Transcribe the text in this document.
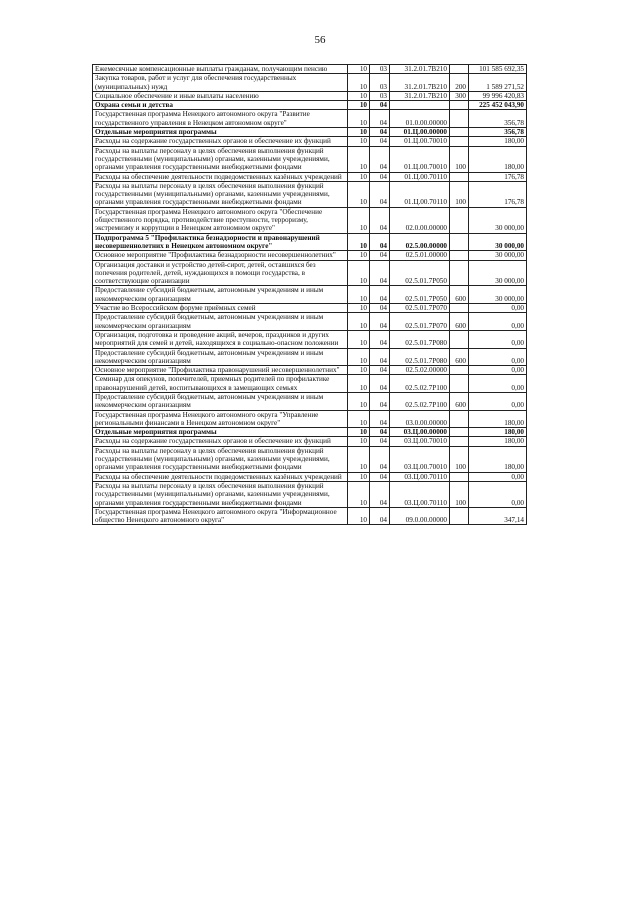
56
Ежемесячные компенсационные выплаты гражданам, получающим пенсию	10	03	31.2.01.7В210		101 585 692,35
Закупка товаров, работ и услуг для обеспечения государственных (муниципальных) нужд	10	03	31.2.01.7В210	200	1 589 271,52
Социальное обеспечение и иные выплаты населению	10	03	31.2.01.7В210	300	99 996 420,83
Охрана семьи и детства	10	04			225 452 043,90
Государственная программа Ненецкого автономного округа "Развитие государственного управления в Ненецком автономном округе"	10	04	01.0.00.00000		356,78
Отдельные мероприятия программы	10	04	01.Ц.00.00000		356,78
Расходы на содержание государственных органов и обеспечение их функций	10	04	01.Ц.00.70010		180,00
Расходы на выплаты персоналу в целях обеспечения выполнения функций государственными (муниципальными) органами, казенными учреждениями, органами управления государственными внебюджетными фондами	10	04	01.Ц.00.70010	100	180,00
Расходы на обеспечение деятельности подведомственных казённых учреждений	10	04	01.Ц.00.70110		176,78
Расходы на выплаты персоналу в целях обеспечения выполнения функций государственными (муниципальными) органами, казенными учреждениями, органами управления государственными внебюджетными фондами	10	04	01.Ц.00.70110	100	176,78
Государственная программа Ненецкого автономного округа "Обеспечение общественного порядка, противодействие преступности, терроризму, экстремизму и коррупции в Ненецком автономном округе"	10	04	02.0.00.00000		30 000,00
Подпрограмма 5 "Профилактика безнадзорности и правонарушений несовершеннолетних в Ненецком автономном округе"	10	04	02.5.00.00000		30 000,00
Основное мероприятие "Профилактика безнадзорности несовершеннолетних"	10	04	02.5.01.00000		30 000,00
Организация доставки и устройство детей-сирот, детей, оставшихся без попечения родителей, детей, нуждающихся в помощи государства, в соответствующие организации	10	04	02.5.01.7Р050		30 000,00
Предоставление субсидий бюджетным, автономным учреждениям и иным некоммерческим организациям	10	04	02.5.01.7Р050	600	30 000,00
Участие во Всероссийском форуме приёмных семей	10	04	02.5.01.7Р070		0,00
Предоставление субсидий бюджетным, автономным учреждениям и иным некоммерческим организациям	10	04	02.5.01.7Р070	600	0,00
Организация, подготовка и проведение акций, вечеров, праздников и других мероприятий для семей и детей, находящихся в социально-опасном положении	10	04	02.5.01.7Р080		0,00
Предоставление субсидий бюджетным, автономным учреждениям и иным некоммерческим организациям	10	04	02.5.01.7Р080	600	0,00
Основное мероприятие "Профилактика правонарушений несовершеннолетних"	10	04	02.5.02.00000		0,00
Семинар для опекунов, попечителей, приемных родителей по профилактике правонарушений детей, воспитывающихся в замещающих семьях	10	04	02.5.02.7Р100		0,00
Предоставление субсидий бюджетным, автономным учреждениям и иным некоммерческим организациям	10	04	02.5.02.7Р100	600	0,00
Государственная программа Ненецкого автономного округа "Управление региональными финансами в Ненецком автономном округе"	10	04	03.0.00.00000		180,00
Отдельные мероприятия программы	10	04	03.Ц.00.00000		180,00
Расходы на содержание государственных органов и обеспечение их функций	10	04	03.Ц.00.70010		180,00
Расходы на выплаты персоналу в целях обеспечения выполнения функций государственными (муниципальными) органами, казенными учреждениями, органами управления государственными внебюджетными фондами	10	04	03.Ц.00.70010	100	180,00
Расходы на обеспечение деятельности подведомственных казённых учреждений	10	04	03.Ц.00.70110		0,00
Расходы на выплаты персоналу в целях обеспечения выполнения функций государственными (муниципальными) органами, казенными учреждениями, органами управления государственными внебюджетными фондами	10	04	03.Ц.00.70110	100	0,00
Государственная программа Ненецкого автономного округа "Информационное общество Ненецкого автономного округа"	10	04	09.0.00.00000		347,14
